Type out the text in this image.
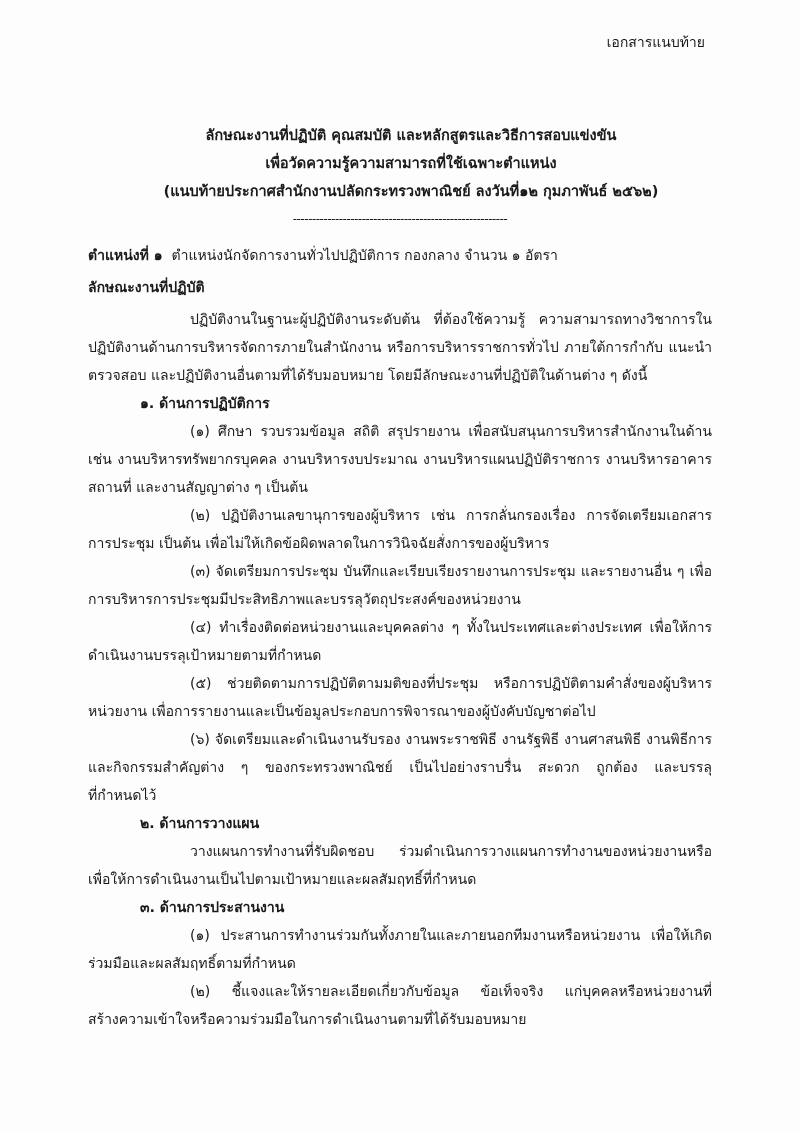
เอกสารแนบท้าย
ลักษณะงานที่ปฏิบัติ คุณสมบัติ และหลักสูตรและวิธีการสอบแข่งขัน
เพื่อวัดความรู้ความสามารถที่ใช้เฉพาะตำแหน่ง
(แนบท้ายประกาศสำนักงานปลัดกระทรวงพาณิชย์ ลงวันที่๑๒ กุมภาพันธ์ ๒๕๖๒)
--------------------------------------------------------
ตำแหน่งที่ ๑ ตำแหน่งนักจัดการงานทั่วไปปฏิบัติการ กองกลาง จำนวน ๑ อัตรา
ลักษณะงานที่ปฏิบัติ
ปฏิบัติงานในฐานะผู้ปฏิบัติงานระดับต้น ที่ต้องใช้ความรู้ ความสามารถทางวิชาการใน
ปฏิบัติงานด้านการบริหารจัดการภายในสำนักงาน หรือการบริหารราชการทั่วไป ภายใต้การกำกับ แนะนำ
ตรวจสอบ และปฏิบัติงานอื่นตามที่ได้รับมอบหมาย โดยมีลักษณะงานที่ปฏิบัติในด้านต่าง ๆ ดังนี้
๑. ด้านการปฏิบัติการ
(๑) ศึกษา รวบรวมข้อมูล สถิติ สรุปรายงาน เพื่อสนับสนุนการบริหารสำนักงานในด้าน
เช่น งานบริหารทรัพยากรบุคคล งานบริหารงบประมาณ งานบริหารแผนปฏิบัติราชการ งานบริหารอาคาร
สถานที่ และงานสัญญาต่าง ๆ เป็นต้น
(๒) ปฏิบัติงานเลขานุการของผู้บริหาร เช่น การกลั่นกรองเรื่อง การจัดเตรียมเอกสาร
การประชุม เป็นต้น เพื่อไม่ให้เกิดข้อผิดพลาดในการวินิจฉัยสั่งการของผู้บริหาร
(๓) จัดเตรียมการประชุม บันทึกและเรียบเรียงรายงานการประชุม และรายงานอื่น ๆ เพื่อ
การบริหารการประชุมมีประสิทธิภาพและบรรลุวัตถุประสงค์ของหน่วยงาน
(๔) ทำเรื่องติดต่อหน่วยงานและบุคคลต่าง ๆ ทั้งในประเทศและต่างประเทศ เพื่อให้การ
ดำเนินงานบรรลุเป้าหมายตามที่กำหนด
(๕) ช่วยติดตามการปฏิบัติตามมติของที่ประชุม หรือการปฏิบัติตามคำสั่งของผู้บริหาร
หน่วยงาน เพื่อการรายงานและเป็นข้อมูลประกอบการพิจารณาของผู้บังคับบัญชาต่อไป
(๖) จัดเตรียมและดำเนินงานรับรอง งานพระราชพิธี งานรัฐพิธี งานศาสนพิธี งานพิธีการ
และกิจกรรมสำคัญต่าง ๆ ของกระทรวงพาณิชย์ เป็นไปอย่างราบรื่น สะดวก ถูกต้อง และบรรลุ
ที่กำหนดไว้
๒. ด้านการวางแผน
วางแผนการทำงานที่รับผิดชอบ ร่วมดำเนินการวางแผนการทำงานของหน่วยงานหรือ
เพื่อให้การดำเนินงานเป็นไปตามเป้าหมายและผลสัมฤทธิ์ที่กำหนด
๓. ด้านการประสานงาน
(๑) ประสานการทำงานร่วมกันทั้งภายในและภายนอกทีมงานหรือหน่วยงาน เพื่อให้เกิด
ร่วมมือและผลสัมฤทธิ์ตามที่กำหนด
(๒) ชี้แจงและให้รายละเอียดเกี่ยวกับข้อมูล ข้อเท็จจริง แก่บุคคลหรือหน่วยงานที่
สร้างความเข้าใจหรือความร่วมมือในการดำเนินงานตามที่ได้รับมอบหมาย
